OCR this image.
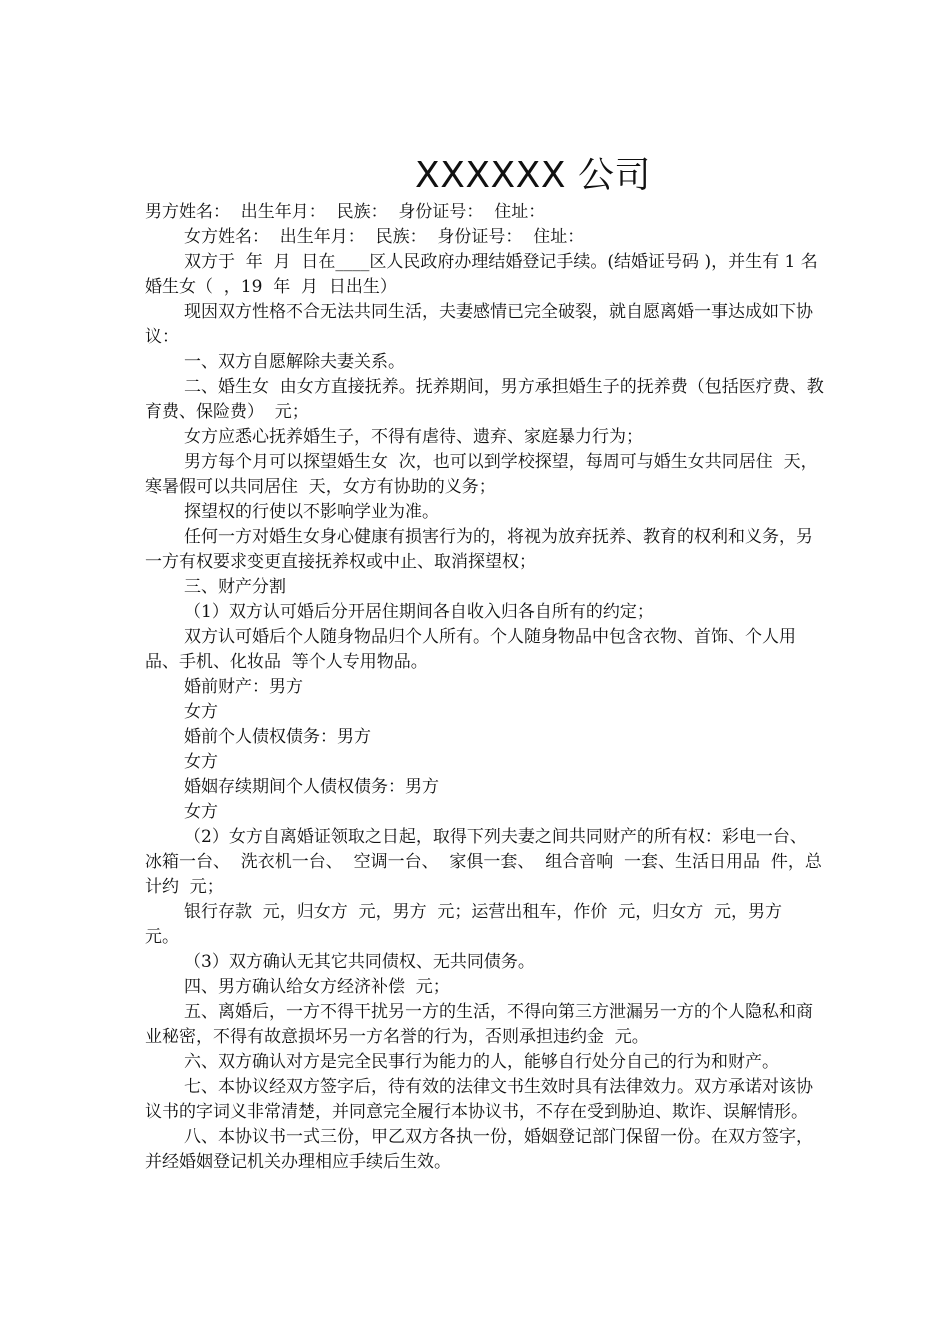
XXXXXX 公司

男方姓名：  出生年月：  民族：  身份证号：  住址：

女方姓名：  出生年月：  民族：  身份证号：  住址：

双方于  年  月  日在____区人民政府办理结婚登记手续。(结婚证号码 )，并生有 1 名婚生女（  ，19  年  月  日出生）

现因双方性格不合无法共同生活，夫妻感情已完全破裂，就自愿离婚一事达成如下协议：

一、双方自愿解除夫妻关系。

二、婚生女  由女方直接抚养。抚养期间，男方承担婚生子的抚养费（包括医疗费、教育费、保险费）  元；

女方应悉心抚养婚生子，不得有虐待、遗弃、家庭暴力行为；

男方每个月可以探望婚生女  次，也可以到学校探望，每周可与婚生女共同居住  天，寒暑假可以共同居住  天，女方有协助的义务；

探望权的行使以不影响学业为准。

任何一方对婚生女身心健康有损害行为的，将视为放弃抚养、教育的权利和义务，另一方有权要求变更直接抚养权或中止、取消探望权；

三、财产分割

（1）双方认可婚后分开居住期间各自收入归各自所有的约定；

双方认可婚后个人随身物品归个人所有。个人随身物品中包含衣物、首饰、个人用品、手机、化妆品  等个人专用物品。

婚前财产：男方

女方

婚前个人债权债务：男方

女方

婚姻存续期间个人债权债务：男方

女方

（2）女方自离婚证领取之日起，取得下列夫妻之间共同财产的所有权：彩电一台、  冰箱一台、  洗衣机一台、  空调一台、  家俱一套、  组合音响  一套、生活日用品  件，总计约  元；

银行存款  元，归女方  元，男方  元；运营出租车，作价  元，归女方  元，男方  元。

（3）双方确认无其它共同债权、无共同债务。

四、男方确认给女方经济补偿  元；

五、离婚后，一方不得干扰另一方的生活，不得向第三方泄漏另一方的个人隐私和商业秘密，不得有故意损坏另一方名誉的行为，否则承担违约金  元。

六、双方确认对方是完全民事行为能力的人，能够自行处分自己的行为和财产。

七、本协议经双方签字后，待有效的法律文书生效时具有法律效力。双方承诺对该协议书的字词义非常清楚，并同意完全履行本协议书，不存在受到胁迫、欺诈、误解情形。

八、本协议书一式三份，甲乙双方各执一份，婚姻登记部门保留一份。在双方签字，并经婚姻登记机关办理相应手续后生效。
